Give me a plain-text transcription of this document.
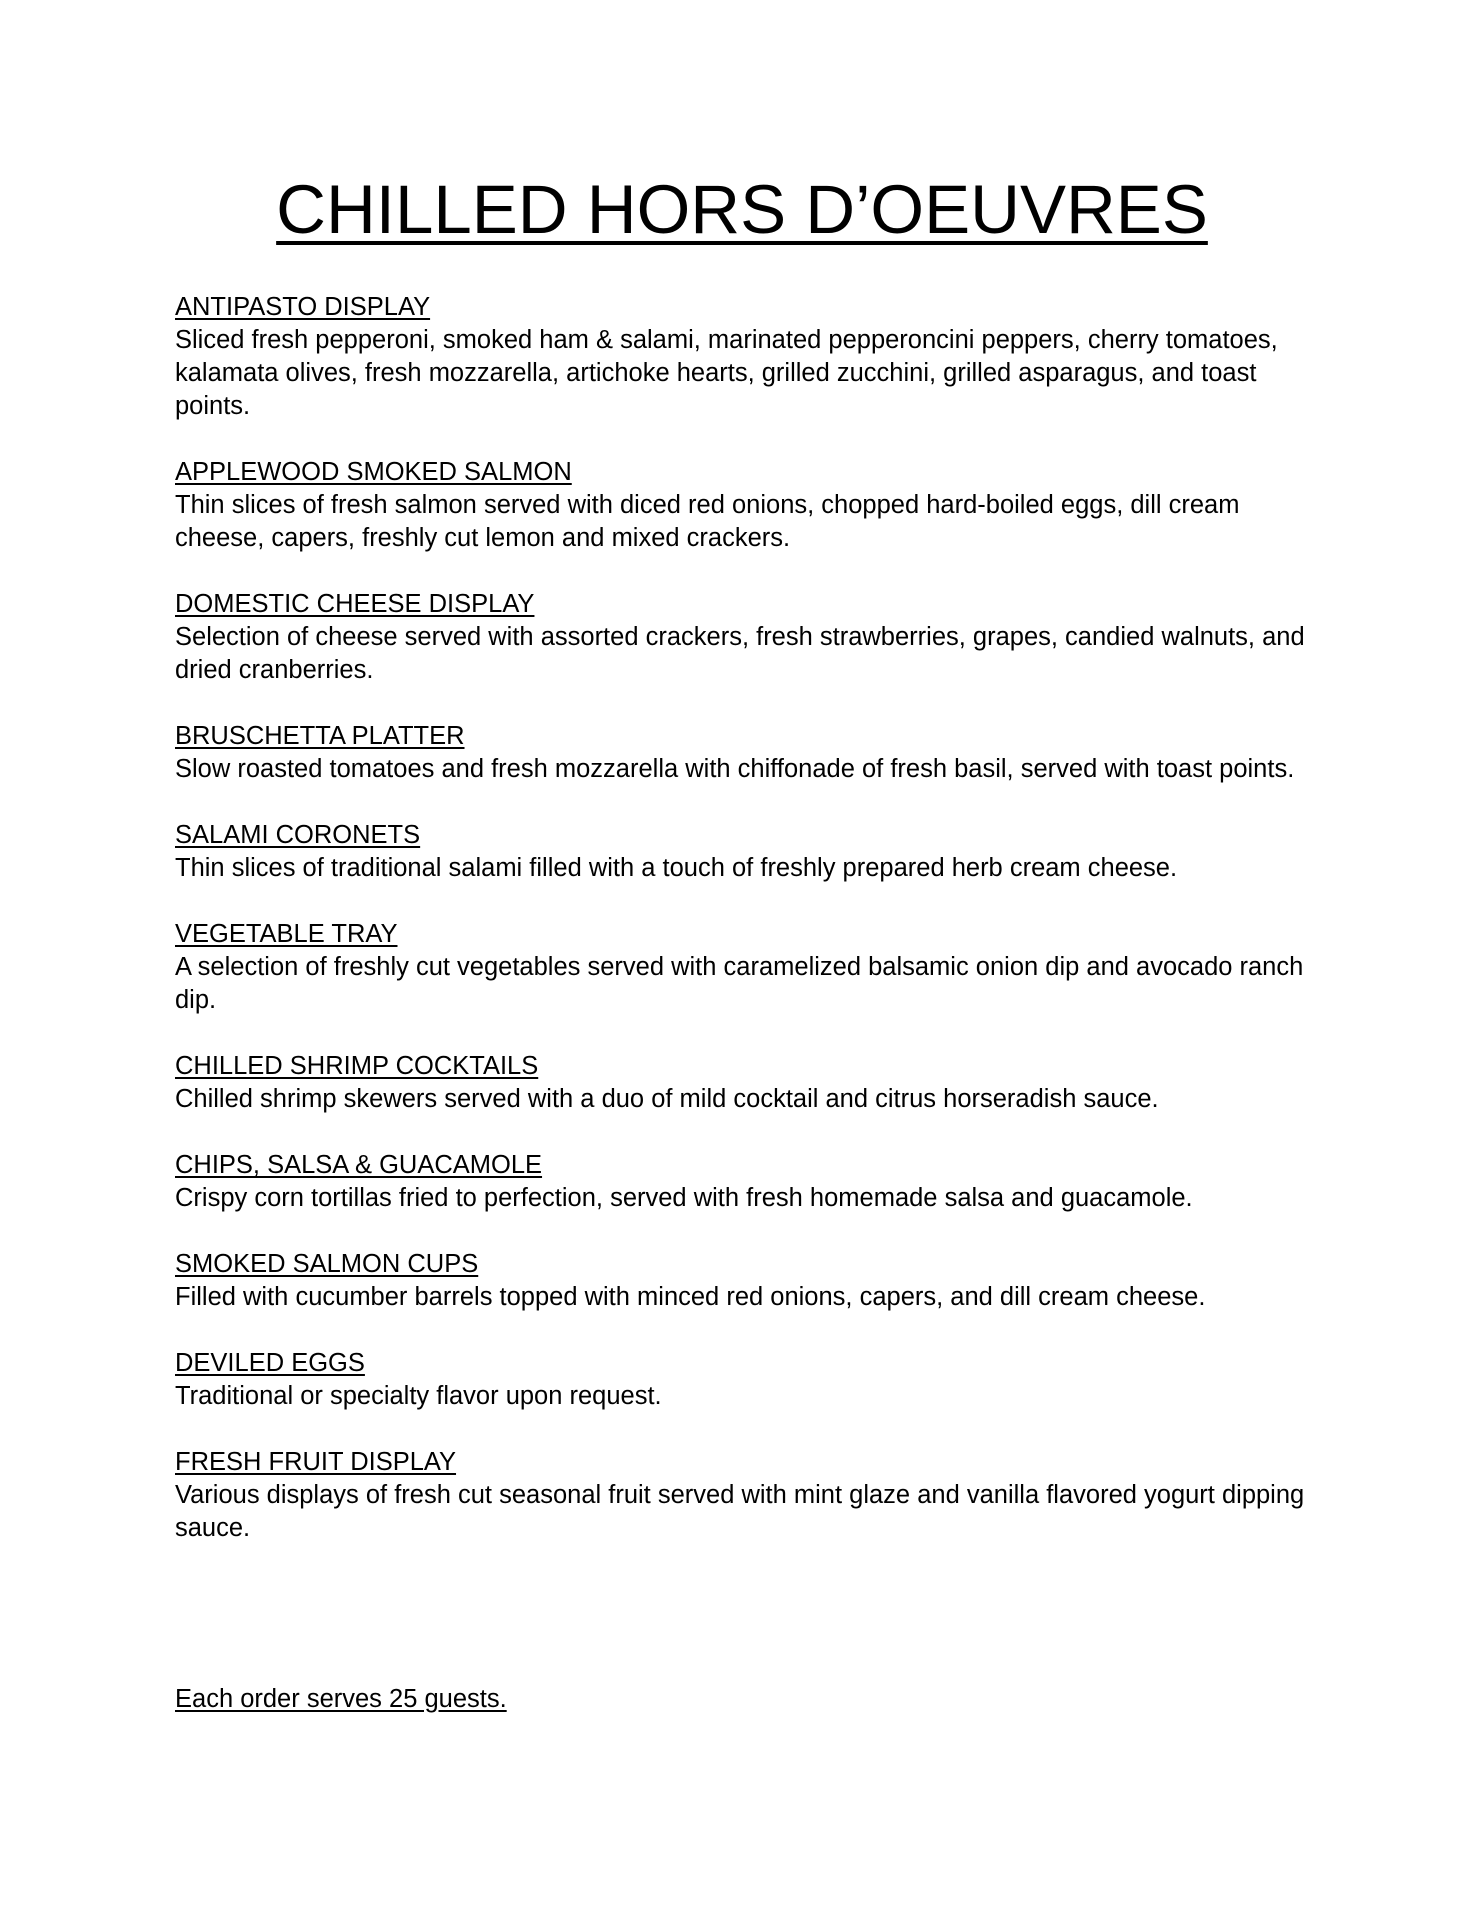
CHILLED HORS D’OEUVRES
ANTIPASTO DISPLAY
Sliced fresh pepperoni, smoked ham & salami, marinated pepperoncini peppers, cherry tomatoes, kalamata olives, fresh mozzarella, artichoke hearts, grilled zucchini, grilled asparagus, and toast points.
APPLEWOOD SMOKED SALMON
Thin slices of fresh salmon served with diced red onions, chopped hard-boiled eggs, dill cream cheese, capers, freshly cut lemon and mixed crackers.
DOMESTIC CHEESE DISPLAY
Selection of cheese served with assorted crackers, fresh strawberries, grapes, candied walnuts, and dried cranberries.
BRUSCHETTA PLATTER
Slow roasted tomatoes and fresh mozzarella with chiffonade of fresh basil, served with toast points.
SALAMI CORONETS
Thin slices of traditional salami filled with a touch of freshly prepared herb cream cheese.
VEGETABLE TRAY
A selection of freshly cut vegetables served with caramelized balsamic onion dip and avocado ranch dip.
CHILLED SHRIMP COCKTAILS
Chilled shrimp skewers served with a duo of mild cocktail and citrus horseradish sauce.
CHIPS, SALSA & GUACAMOLE
Crispy corn tortillas fried to perfection, served with fresh homemade salsa and guacamole.
SMOKED SALMON CUPS
Filled with cucumber barrels topped with minced red onions, capers, and dill cream cheese.
DEVILED EGGS
Traditional or specialty flavor upon request.
FRESH FRUIT DISPLAY
Various displays of fresh cut seasonal fruit served with mint glaze and vanilla flavored yogurt dipping sauce.
Each order serves 25 guests.
